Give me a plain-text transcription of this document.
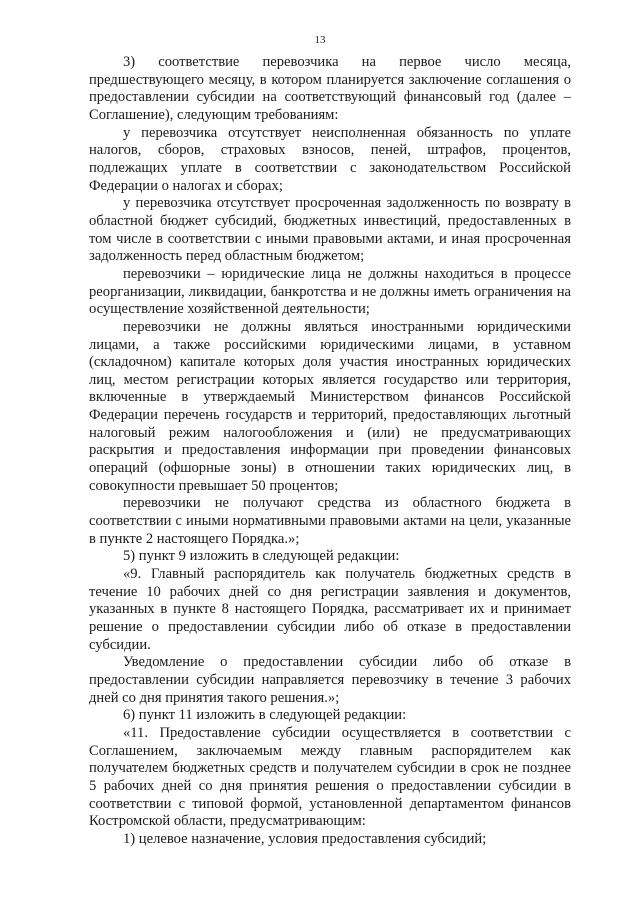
13

3) соответствие перевозчика на первое число месяца, предшествующего месяцу, в котором планируется заключение соглашения о предоставлении субсидии на соответствующий финансовый год (далее – Соглашение), следующим требованиям:

у перевозчика отсутствует неисполненная обязанность по уплате налогов, сборов, страховых взносов, пеней, штрафов, процентов, подлежащих уплате в соответствии с законодательством Российской Федерации о налогах и сборах;

у перевозчика отсутствует просроченная задолженность по возврату в областной бюджет субсидий, бюджетных инвестиций, предоставленных в том числе в соответствии с иными правовыми актами, и иная просроченная задолженность перед областным бюджетом;

перевозчики – юридические лица не должны находиться в процессе реорганизации, ликвидации, банкротства и не должны иметь ограничения на осуществление хозяйственной деятельности;

перевозчики не должны являться иностранными юридическими лицами, а также российскими юридическими лицами, в уставном (складочном) капитале которых доля участия иностранных юридических лиц, местом регистрации которых является государство или территория, включенные в утверждаемый Министерством финансов Российской Федерации перечень государств и территорий, предоставляющих льготный налоговый режим налогообложения и (или) не предусматривающих раскрытия и предоставления информации при проведении финансовых операций (офшорные зоны) в отношении таких юридических лиц, в совокупности превышает 50 процентов;

перевозчики не получают средства из областного бюджета в соответствии с иными нормативными правовыми актами на цели, указанные в пункте 2 настоящего Порядка.»;

5) пункт 9 изложить в следующей редакции:

«9. Главный распорядитель как получатель бюджетных средств в течение 10 рабочих дней со дня регистрации заявления и документов, указанных в пункте 8 настоящего Порядка, рассматривает их и принимает решение о предоставлении субсидии либо об отказе в предоставлении субсидии.

Уведомление о предоставлении субсидии либо об отказе в предоставлении субсидии направляется перевозчику в течение 3 рабочих дней со дня принятия такого решения.»;

6) пункт 11 изложить в следующей редакции:

«11. Предоставление субсидии осуществляется в соответствии с Соглашением, заключаемым между главным распорядителем как получателем бюджетных средств и получателем субсидии в срок не позднее 5 рабочих дней со дня принятия решения о предоставлении субсидии в соответствии с типовой формой, установленной департаментом финансов Костромской области, предусматривающим:

1) целевое назначение, условия предоставления субсидий;
